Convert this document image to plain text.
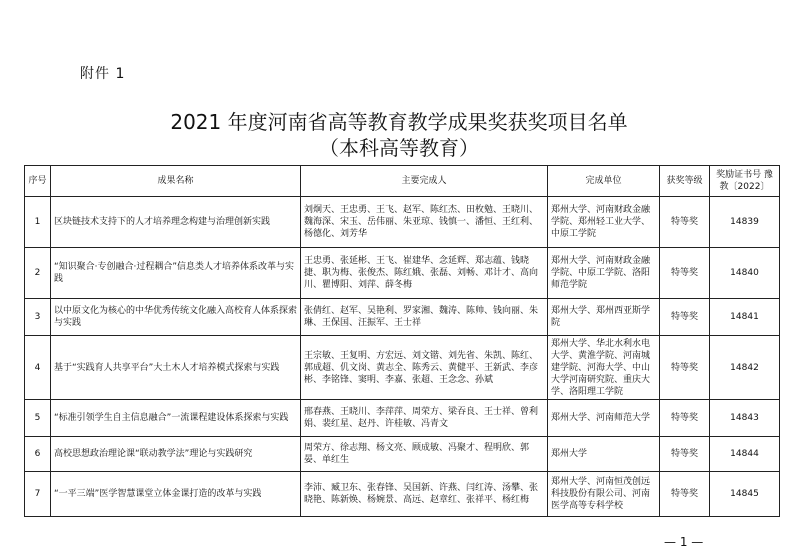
附件 1
2021 年度河南省高等教育教学成果奖获奖项目名单
（本科高等教育）
序号	成果名称	主要完成人	完成单位	获奖等级	奖励证书号 豫教〔2022〕
1	区块链技术支持下的人才培养理念构建与治理创新实践	刘炯天、王忠勇、王飞、赵军、陈红杰、田枚勉、王晓川、魏海深、宋玉、岳伟丽、朱亚琼、钱慎一、潘恒、王红利、杨德化、刘芳华	郑州大学、河南财政金融学院、郑州轻工业大学、中原工学院	特等奖	14839
2	“知识聚合·专创融合·过程耦合”信息类人才培养体系改革与实践	王忠勇、张延彬、王飞、崔建华、念延辉、郑志蕴、钱晓捷、职为梅、张俊杰、陈红娥、张磊、刘畅、邓计才、高向川、瞿博阳、刘萍、薛冬梅	郑州大学、河南财政金融学院、中原工学院、洛阳师范学院	特等奖	14840
3	以中原文化为核心的中华优秀传统文化融入高校育人体系探索与实践	张倩红、赵军、吴艳利、罗家湘、魏涛、陈帅、钱向丽、朱琳、王保国、汪振军、王士祥	郑州大学、郑州西亚斯学院	特等奖	14841
4	基于“实践育人共享平台”大土木人才培养模式探索与实践	王宗敏、王复明、方宏远、刘文锴、刘先省、朱凯、陈红、郭成超、仉文岗、黄志全、陈秀云、黄健平、王新武、李彦彬、李铭锋、窦明、李嘉、张超、王念念、孙斌	郑州大学、华北水利水电大学、黄淮学院、河南城建学院、河海大学、中山大学河南研究院、重庆大学、洛阳理工学院	特等奖	14842
5	“标准引领学生自主信息融合”一流课程建设体系探索与实践	邢春燕、王晓川、李萍萍、周荣方、梁吞良、王士祥、曾利娟、裴红星、赵丹、许桂敏、冯青文	郑州大学、河南师范大学	特等奖	14843
6	高校思想政治理论课“联动教学法”理论与实践研究	周荣方、徐志翔、杨文亮、顾成敏、冯聚才、程明欣、郭晏、单红生	郑州大学	特等奖	14844
7	“一平三端”医学智慧课堂立体金课打造的改革与实践	李沛、臧卫东、张春锋、吴国新、许燕、闫红涛、汤攀、张晓艳、陈新焕、杨婉景、高远、赵章红、张祥平、杨红梅	郑州大学、河南恒茂创远科技股份有限公司、河南医学高等专科学校	特等奖	14845
— 1 —
